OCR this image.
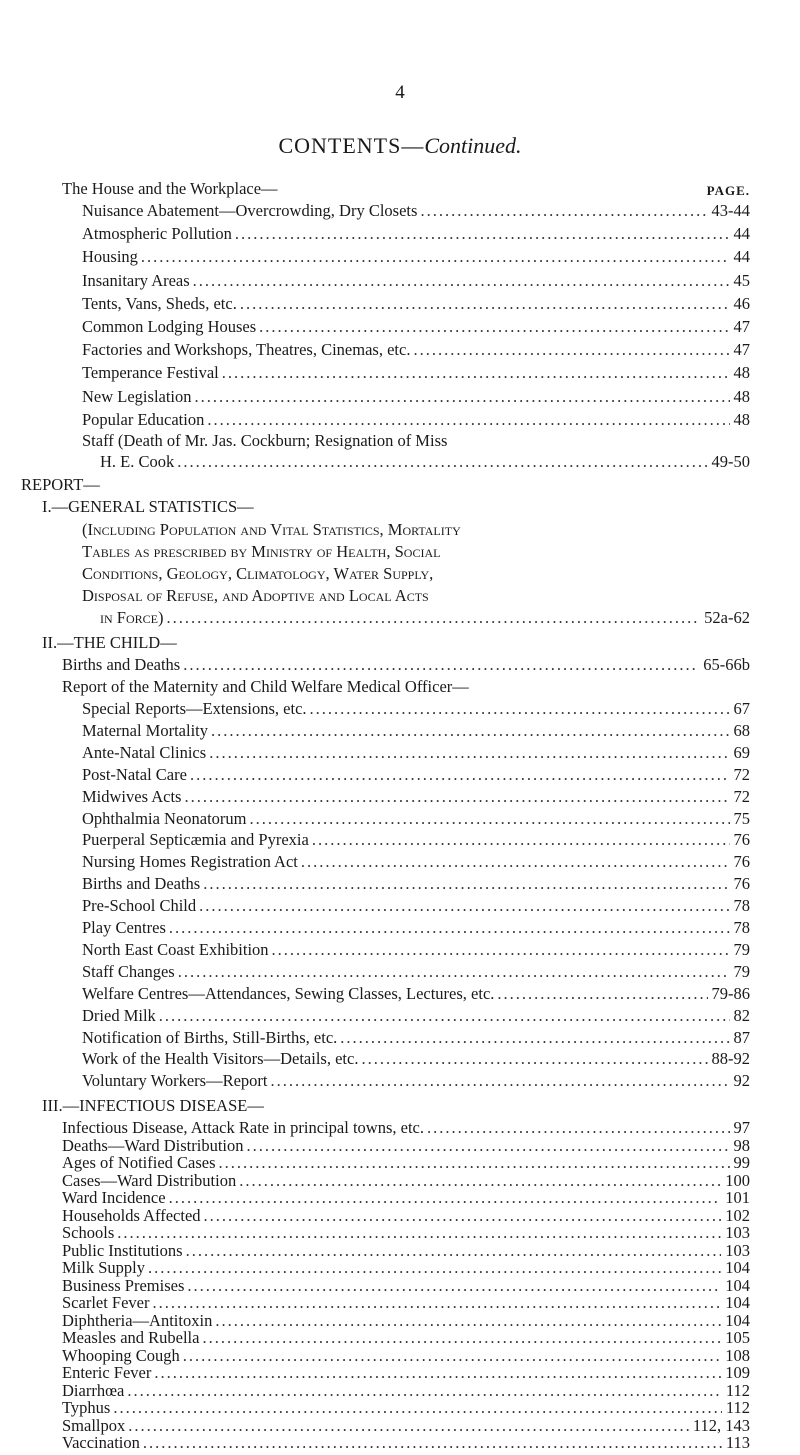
4
CONTENTS—Continued.
The House and the Workplace—	PAGE.
Nuisance Abatement—Overcrowding, Dry Closets .....	43-44
Atmospheric Pollution .....	44
Housing .....	44
Insanitary Areas .....	45
Tents, Vans, Sheds, etc. .....	46
Common Lodging Houses .....	47
Factories and Workshops, Theatres, Cinemas, etc. .....	47
Temperance Festival .....	48
New Legislation .....	48
Popular Education .....	48
Staff (Death of Mr. Jas. Cockburn; Resignation of Miss
H. E. Cook .....	49-50
REPORT—
I.—GENERAL STATISTICS—
(Including Population and Vital Statistics, Mortality
Tables as prescribed by Ministry of Health, Social
Conditions, Geology, Climatology, Water Supply,
Disposal of Refuse, and Adoptive and Local Acts
in Force) .....	52a-62
II.—THE CHILD—
Births and Deaths .....	65-66b
Report of the Maternity and Child Welfare Medical Officer—
Special Reports—Extensions, etc. .....	67
Maternal Mortality .....	68
Ante-Natal Clinics .....	69
Post-Natal Care .....	72
Midwives Acts .....	72
Ophthalmia Neonatorum .....	75
Puerperal Septicæmia and Pyrexia .....	76
Nursing Homes Registration Act .....	76
Births and Deaths .....	76
Pre-School Child .....	78
Play Centres .....	78
North East Coast Exhibition .....	79
Staff Changes .....	79
Welfare Centres—Attendances, Sewing Classes, Lectures, etc. .....	79-86
Dried Milk .....	82
Notification of Births, Still-Births, etc. .....	87
Work of the Health Visitors—Details, etc. .....	88-92
Voluntary Workers—Report .....	92
III.—INFECTIOUS DISEASE—
Infectious Disease, Attack Rate in principal towns, etc. .....	97
Deaths—Ward Distribution .....	98
Ages of Notified Cases .....	99
Cases—Ward Distribution .....	100
Ward Incidence .....	101
Households Affected .....	102
Schools .....	103
Public Institutions .....	103
Milk Supply .....	104
Business Premises .....	104
Scarlet Fever .....	104
Diphtheria—Antitoxin .....	104
Measles and Rubella .....	105
Whooping Cough .....	108
Enteric Fever .....	109
Diarrhœa .....	112
Typhus .....	112
Smallpox .....	112, 143
Vaccination .....	113
